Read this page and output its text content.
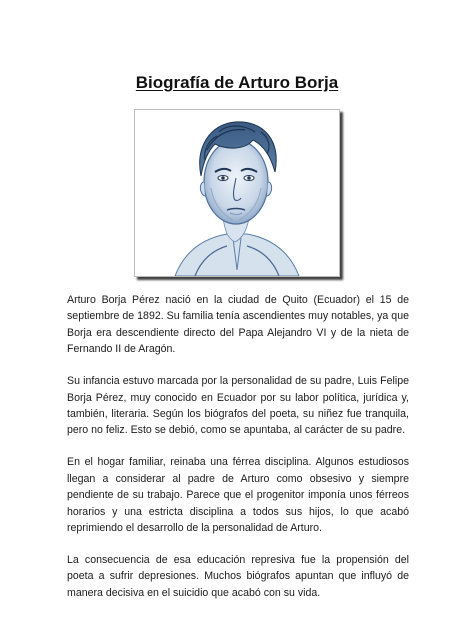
Biografía de Arturo Borja

Arturo Borja Pérez nació en la ciudad de Quito (Ecuador) el 15 de septiembre de 1892. Su familia tenía ascendientes muy notables, ya que Borja era descendiente directo del Papa Alejandro VI y de la nieta de Fernando II de Aragón.

Su infancia estuvo marcada por la personalidad de su padre, Luis Felipe Borja Pérez, muy conocido en Ecuador por su labor política, jurídica y, también, literaria. Según los biógrafos del poeta, su niñez fue tranquila, pero no feliz. Esto se debió, como se apuntaba, al carácter de su padre.

En el hogar familiar, reinaba una férrea disciplina. Algunos estudiosos llegan a considerar al padre de Arturo como obsesivo y siempre pendiente de su trabajo. Parece que el progenitor imponía unos férreos horarios y una estricta disciplina a todos sus hijos, lo que acabó reprimiendo el desarrollo de la personalidad de Arturo.

La consecuencia de esa educación represiva fue la propensión del poeta a sufrir depresiones. Muchos biógrafos apuntan que influyó de manera decisiva en el suicidio que acabó con su vida.
